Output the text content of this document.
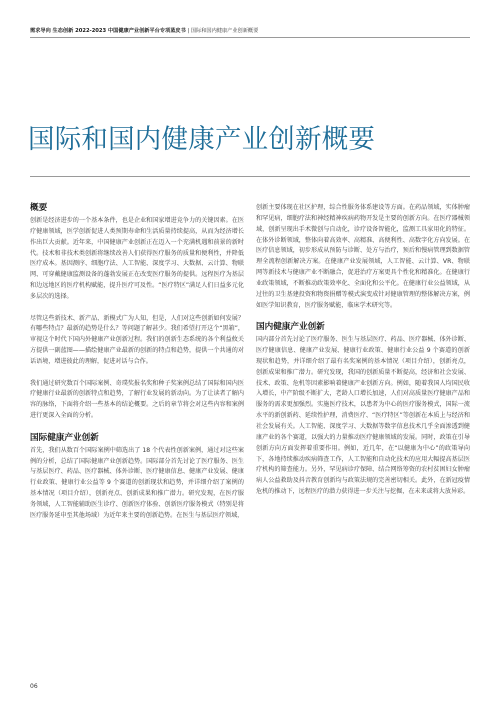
需求导向 生态创新 2022-2023 中国健康产业创新平台专项蓝皮书 | 国际和国内健康产业创新概要
国际和国内健康产业创新概要
概要

创新是经济进步的一个基本条件，也是企业和国家增进竞争力的关键因素。在医疗健康领域，医学创新促进人类预期寿命和生活质量持续提高，从而为经济增长作出巨大贡献。近年来，中国健康产业创新正在迈入一个充满机遇和前景的新时代。技术和非技术类创新将继续改善人们获得医疗服务的质量和便利性，并降低医疗成本。基因测序、细胞疗法、人工智能、深度学习、大数据、云计算、物联网、可穿戴健康监测设备的蓬勃发展正在改变医疗服务的提供。远程医疗为基层和边远地区的医疗机构赋能，提升医疗可及性。“医疗特区”满足人们日益多元化多层次的选择。

尽管这些新技术、新产品、新模式广为人知，但是，人们对这些创新如何发展？有哪些特点？最新的趋势是什么？等问题了解甚少。我们希望打开这个“黑箱”，审视这个时代下国内外健康产业创新过程。我们的创新生态系统的各个利益攸关方提供一副蓝图——描绘健康产业最新的创新的特点和趋势，提供一个共通的对话语境，增进彼此的理解，促进对话与合作。

我们通过研究数百个国际案例、奇璞奖报名奖和种子奖案例总结了国际和国内医疗健康行业最新的创新特点和趋势，了解行业发展的新动向。为了让读者了解内容的脉络，下面将介绍一些基本的结论概要。之后的章节将会对这些内容和案例进行更深入全面的分析。

国际健康产业创新

首先，我们从数百个国际案例中筛选出了 18 个代表性创新案例，通过对这些案例的分析，总结了国际健康产业创新趋势。国际部分首先讨论了医疗服务、医生与基层医疗、药品、医疗器械、体外诊断、医疗健康信息、健康产业发展、健康行业政策、健康行业公益等 9 个赛道的创新现状和趋势，并详细介绍了案例的基本情况（项目介绍），创新亮点、创新成果和推广潜力。研究发现，在医疗服务领域，人工智能辅助医生诊疗、创新医疗体验、创新医疗服务模式（特别是将医疗服务延申至其他场域）为近年来主要的创新趋势。在医生与基层医疗领域，

创新主要体现在社区护理，综合性服务体系建设等方面。在药品领域，实体肿瘤和罕见病，细胞疗法和神经精神疾病药物开发是主要的创新方向。在医疗器械领域，创新呈现出手术微创与自动化，诊疗设备智能化，监测工具家用化的特征。在体外诊断领域，整体向着高效率、高精准、高便利性、高数字化方向发展。在医疗信息领域，初步形成从预防与诊断、处方与治疗，预后和慢病管理到数据管理全流程创新解决方案。在健康产业发展领域，人工智能、云计算、VR、物联网等新技术与健康产业不断融合，促进治疗方案更具个性化和精准化。在健康行业政策领域，不断推动政策效率化、全面化和公平化。在健康行业公益领域，从过往的卫生基建投资和物资捐赠等模式演变成针对健康管理的整体解决方案，例如医学知识教育，医疗服务赋能，临床学术研究等。

国内健康产业创新

国内部分首先讨论了医疗服务、医生与基层医疗、药品、医疗器械、体外诊断、医疗健康信息、健康产业发展、健康行业政策、健康行业公益 9 个赛道的创新现状和趋势，并详细介绍了最有名奖案例的基本情况（项目介绍），创新亮点，创新成果和推广潜力。研究发现，我国的创新质量不断提高，经济和社会发展、技术、政策、危机等因素影响着健康产业创新方向。例如，随着我国人均国民收入增长，中产阶级不断扩大，老龄人口增长加速，人们对高质量医疗健康产品和服务的需求更加强烈。实施医疗技术，以患者为中心的医疗服务模式，国际一流水平的新创新药、延续性护理，消费医疗、“医疗特区”等创新在本质上与经济和社会发展有关。人工智能、深度学习、大数据等数字信息技术几乎全面渗透到健康产业的各个赛道，以强大的力量推动医疗健康领域的发展。同时，政策在引导创新方向方面发挥着重要作用。例如，近几年，在“以健康为中心”的政策导向下，各地持续推动疾病筛查工作，人工智能和自动化技术的应用大幅提高基层医疗机构的筛查能力。另外，罕见病诊疗保障、结合网络筹资的农村贫困妇女肿瘤病人公益救助及抖音教育创新均与政策法规的完善密切相关。此外，在新冠疫情危机的推动下，远程医疗的潜力获得进一步关注与挖掘，在未来或将大放异彩。

06
